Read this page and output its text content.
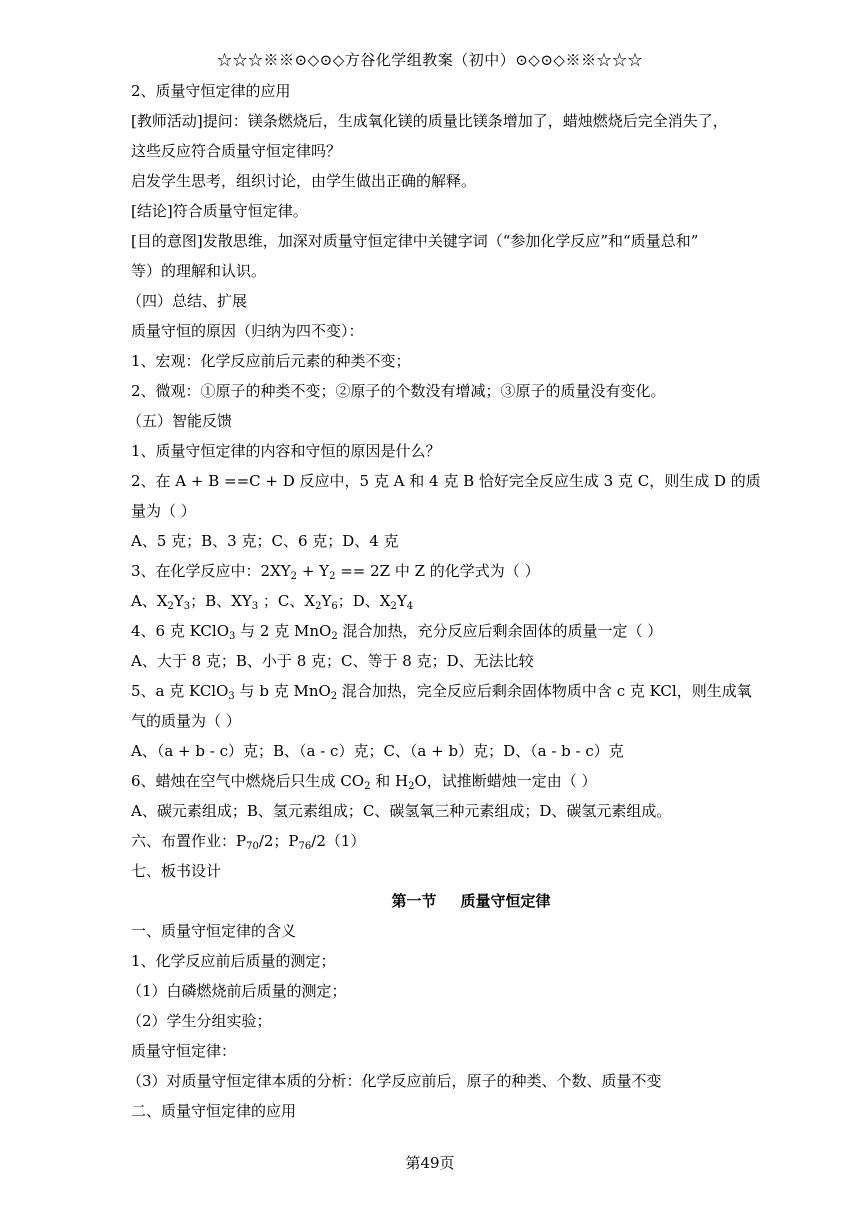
☆☆☆※※⊙◇⊙◇方谷化学组教案（初中）⊙◇⊙◇※※☆☆☆
2、质量守恒定律的应用
[教师活动]提问：镁条燃烧后，生成氧化镁的质量比镁条增加了，蜡烛燃烧后完全消失了，
这些反应符合质量守恒定律吗？
启发学生思考，组织讨论，由学生做出正确的解释。
[结论]符合质量守恒定律。
[目的意图]发散思维，加深对质量守恒定律中关键字词（“参加化学反应”和“质量总和”
等）的理解和认识。
（四）总结、扩展
质量守恒的原因（归纳为四不变）：
1、宏观：化学反应前后元素的种类不变；
2、微观：①原子的种类不变；②原子的个数没有增减；③原子的质量没有变化。
（五）智能反馈
1、质量守恒定律的内容和守恒的原因是什么？
2、在 A + B ==C + D 反应中，5 克 A 和 4 克 B 恰好完全反应生成 3 克 C，则生成 D 的质
量为（ ）
A、5 克；B、3 克；C、6 克；D、4 克
3、在化学反应中：$2XY_2 + Y_2 == 2Z$ 中 Z 的化学式为（ ）
A、$X_2Y_3$；B、$XY_3$ ；C、$X_2Y_6$；D、$X_2Y_4$
4、6 克 KClO$_3$ 与 2 克 MnO$_2$ 混合加热，充分反应后剩余固体的质量一定（ ）
A、大于 8 克；B、小于 8 克；C、等于 8 克；D、无法比较
5、a 克 KClO$_3$ 与 b 克 MnO$_2$ 混合加热，完全反应后剩余固体物质中含 c 克 KCl，则生成氧
气的质量为（ ）
A、（a + b - c）克；B、（a - c）克；C、（a + b）克；D、（a - b - c）克
6、蜡烛在空气中燃烧后只生成 $CO_2$ 和 $H_2O$，试推断蜡烛一定由（ ）
A、碳元素组成；B、氢元素组成；C、碳氢氧三种元素组成；D、碳氢元素组成。
六、布置作业：$P_{70}/2$；$P_{76}/2(1)$
七、板书设计
第一节 质量守恒定律
一、质量守恒定律的含义
1、化学反应前后质量的测定；
（1）白磷燃烧前后质量的测定；
（2）学生分组实验；
质量守恒定律：
（3）对质量守恒定律本质的分析：化学反应前后，原子的种类、个数、质量不变
二、质量守恒定律的应用
第49页
